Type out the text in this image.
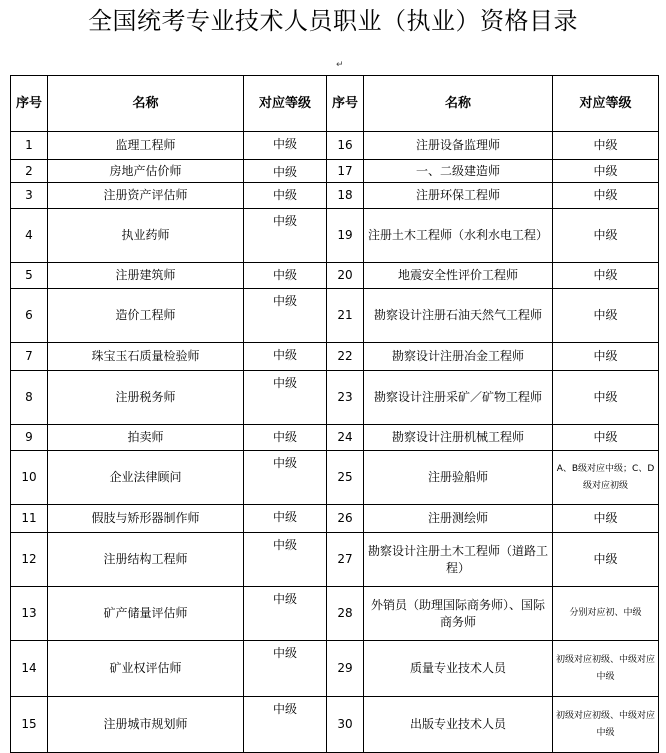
全国统考专业技术人员职业（执业）资格目录
↵
序号	名称	对应等级	序号	名称	对应等级
1	监理工程师	中级	16	注册设备监理师	中级
2	房地产估价师	中级	17	一、二级建造师	中级
3	注册资产评估师	中级	18	注册环保工程师	中级
4	执业药师	中级	19	注册土木工程师（水利水电工程）	中级
5	注册建筑师	中级	20	地震安全性评价工程师	中级
6	造价工程师	中级	21	勘察设计注册石油天然气工程师	中级
7	珠宝玉石质量检验师	中级	22	勘察设计注册冶金工程师	中级
8	注册税务师	中级	23	勘察设计注册采矿／矿物工程师	中级
9	拍卖师	中级	24	勘察设计注册机械工程师	中级
10	企业法律顾问	中级	25	注册验船师	A、B级对应中级；C、D级对应初级
11	假肢与矫形器制作师	中级	26	注册测绘师	中级
12	注册结构工程师	中级	27	勘察设计注册土木工程师（道路工程）	中级
13	矿产储量评估师	中级	28	外销员（助理国际商务师）、国际商务师	分别对应初、中级
14	矿业权评估师	中级	29	质量专业技术人员	初级对应初级、中级对应中级
15	注册城市规划师	中级	30	出版专业技术人员	初级对应初级、中级对应中级
